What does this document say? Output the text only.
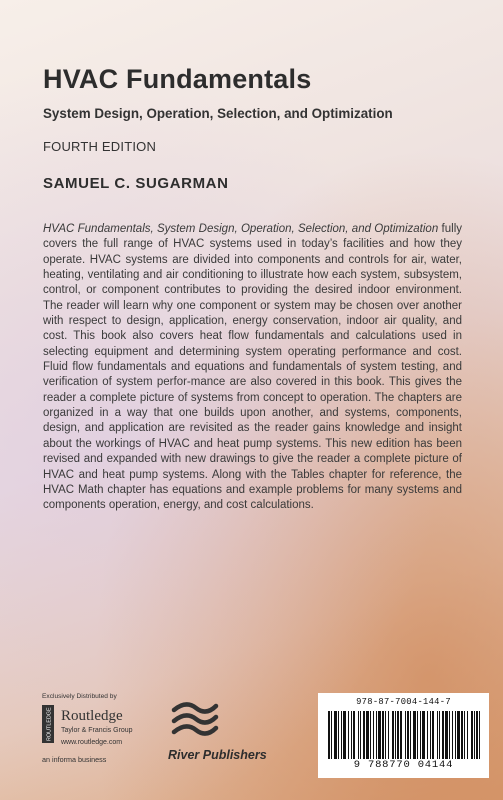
HVAC Fundamentals
System Design, Operation, Selection, and Optimization
FOURTH EDITION
SAMUEL C. SUGARMAN

HVAC Fundamentals, System Design, Operation, Selection, and Optimization fully covers the full range of HVAC systems used in today’s facilities and how they operate. HVAC systems are divided into components and controls for air, water, heating, ventilating and air conditioning to illustrate how each system, subsystem, control, or component contributes to providing the desired indoor environment. The reader will learn why one component or system may be chosen over another with respect to design, application, energy conservation, indoor air quality, and cost. This book also covers heat flow fundamentals and calculations used in selecting equipment and determining system operating performance and cost. Fluid flow fundamentals and equations and fundamentals of system testing, and verification of system perfor-mance are also covered in this book. This gives the reader a complete picture of systems from concept to operation. The chapters are organized in a way that one builds upon another, and systems, components, design, and application are revisited as the reader gains knowledge and insight about the workings of HVAC and heat pump systems. This new edition has been revised and expanded with new drawings to give the reader a complete picture of HVAC and heat pump systems. Along with the Tables chapter for reference, the HVAC Math chapter has equations and example problems for many systems and components operation, energy, and cost calculations.

Exclusively Distributed by
ROUTLEDGE Routledge
Taylor & Francis Group
www.routledge.com
an informa business	River Publishers
978-87-7004-144-7
9 788770 04144
